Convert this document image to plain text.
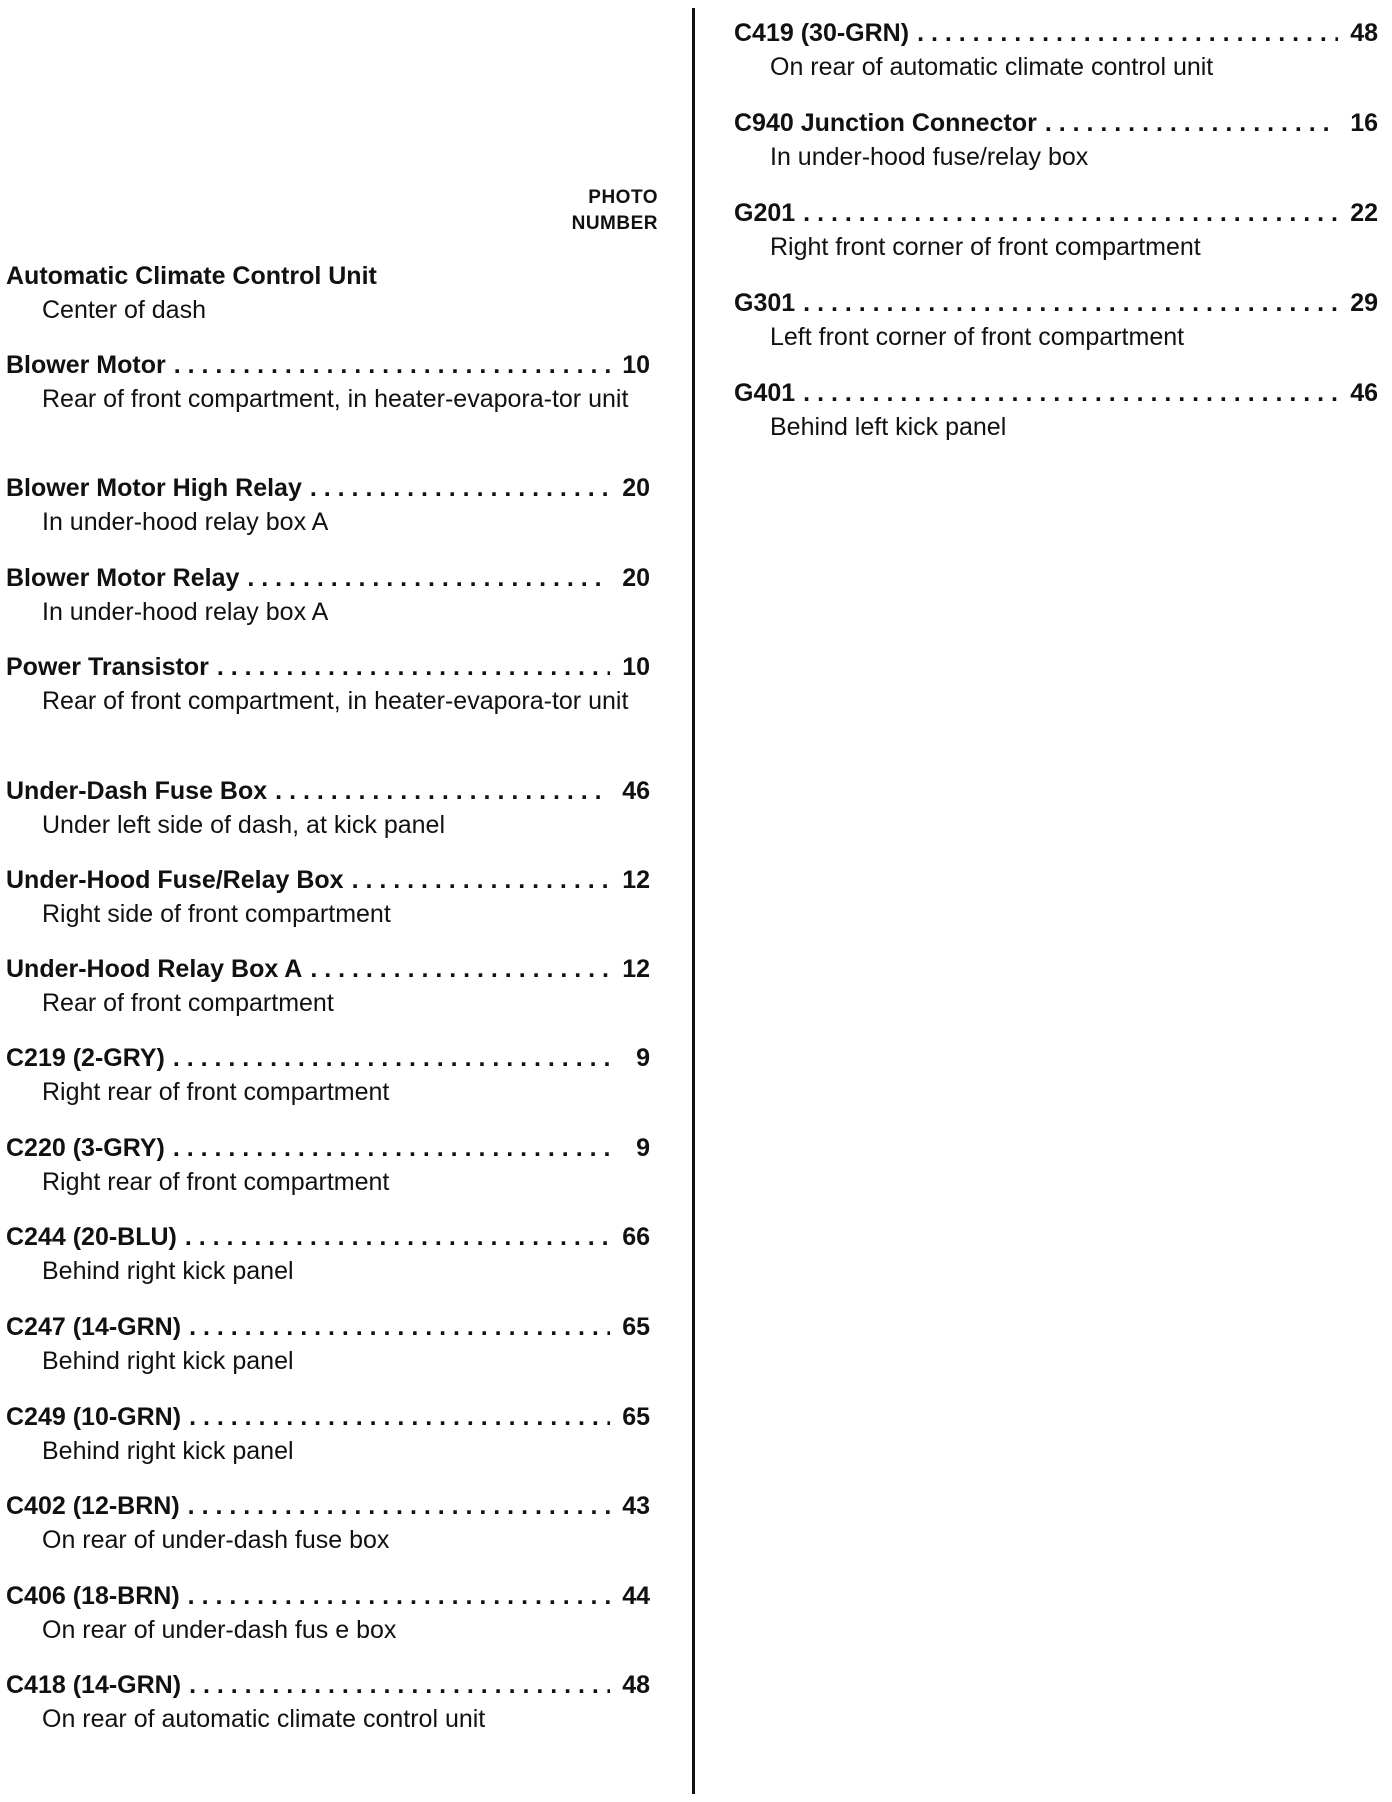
PHOTO
NUMBER
Automatic Climate Control Unit
Center of dash
Blower Motor . . .	10
Rear of front compartment, in heater-evapora-tor unit
Blower Motor High Relay . . .	20
In under-hood relay box A
Blower Motor Relay . . .	20
In under-hood relay box A
Power Transistor . . .	10
Rear of front compartment, in heater-evapora-tor unit
Under-Dash Fuse Box . . .	46
Under left side of dash, at kick panel
Under-Hood Fuse/Relay Box . . .	12
Right side of front compartment
Under-Hood Relay Box A . . .	12
Rear of front compartment
C219 (2-GRY) . . .	9
Right rear of front compartment
C220 (3-GRY) . . .	9
Right rear of front compartment
C244 (20-BLU) . . .	66
Behind right kick panel
C247 (14-GRN) . . .	65
Behind right kick panel
C249 (10-GRN) . . .	65
Behind right kick panel
C402 (12-BRN) . . .	43
On rear of under-dash fuse box
C406 (18-BRN) . . .	44
On rear of under-dash fus e box
C418 (14-GRN) . . .	48
On rear of automatic climate control unit
C419 (30-GRN) . . .	48
On rear of automatic climate control unit
C940 Junction Connector . . .	16
In under-hood fuse/relay box
G201 . . .	22
Right front corner of front compartment
G301 . . .	29
Left front corner of front compartment
G401 . . .	46
Behind left kick panel
